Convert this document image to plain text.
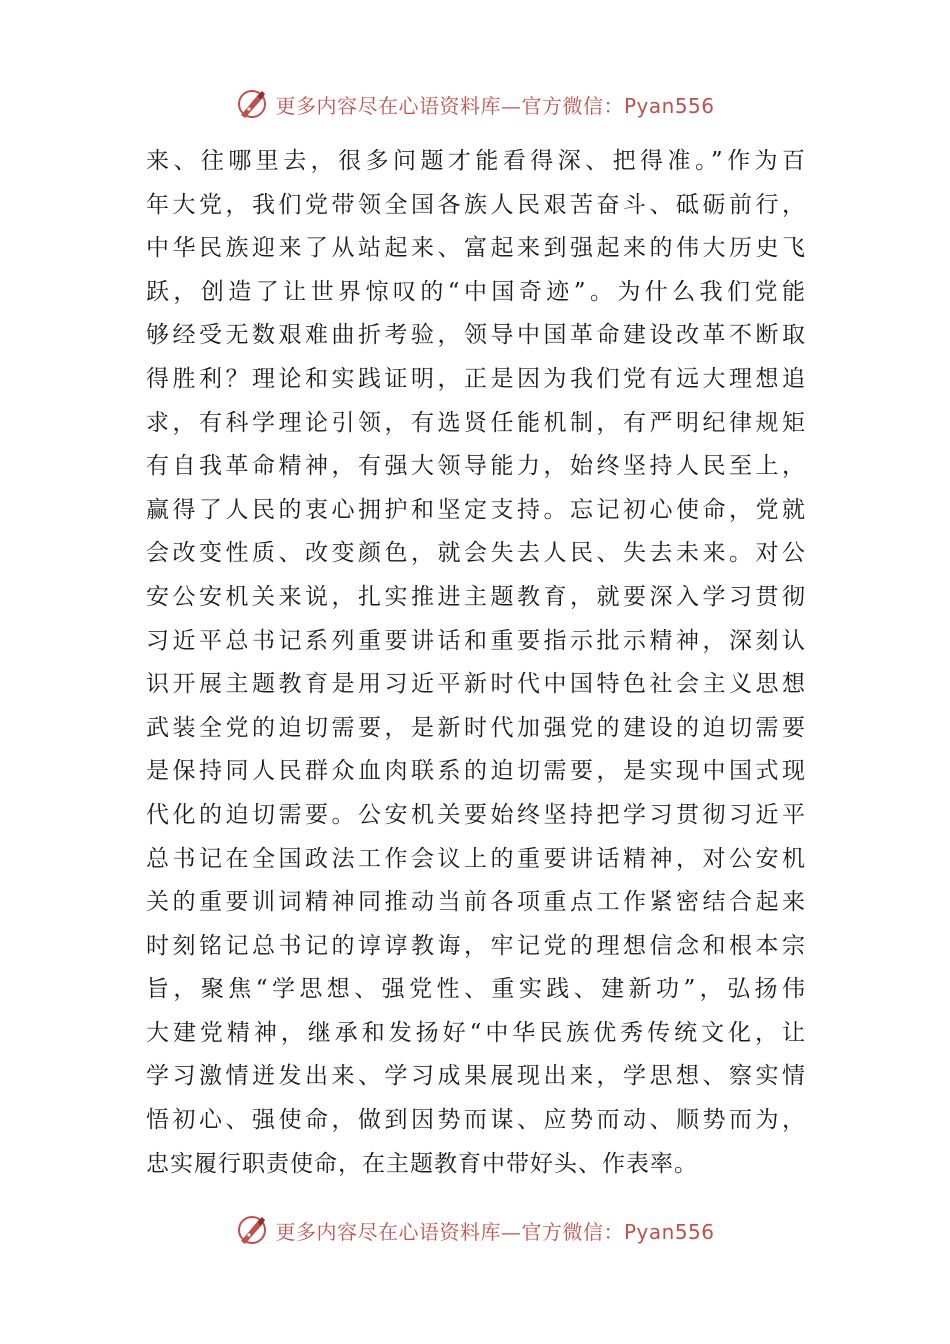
更多内容尽在心语资料库—官方微信：Pyan556
来、往哪里去，很多问题才能看得深、把得准。”作为百
年大党，我们党带领全国各族人民艰苦奋斗、砥砺前行，
中华民族迎来了从站起来、富起来到强起来的伟大历史飞
跃，创造了让世界惊叹的“中国奇迹”。为什么我们党能
够经受无数艰难曲折考验，领导中国革命建设改革不断取
得胜利？理论和实践证明，正是因为我们党有远大理想追
求，有科学理论引领，有选贤任能机制，有严明纪律规矩
有自我革命精神，有强大领导能力，始终坚持人民至上，
赢得了人民的衷心拥护和坚定支持。忘记初心使命，党就
会改变性质、改变颜色，就会失去人民、失去未来。对公
安公安机关来说，扎实推进主题教育，就要深入学习贯彻
习近平总书记系列重要讲话和重要指示批示精神，深刻认
识开展主题教育是用习近平新时代中国特色社会主义思想
武装全党的迫切需要，是新时代加强党的建设的迫切需要
是保持同人民群众血肉联系的迫切需要，是实现中国式现
代化的迫切需要。公安机关要始终坚持把学习贯彻习近平
总书记在全国政法工作会议上的重要讲话精神，对公安机
关的重要训词精神同推动当前各项重点工作紧密结合起来
时刻铭记总书记的谆谆教诲，牢记党的理想信念和根本宗
旨，聚焦“学思想、强党性、重实践、建新功”，弘扬伟
大建党精神，继承和发扬好“中华民族优秀传统文化，让
学习激情迸发出来、学习成果展现出来，学思想、察实情
悟初心、强使命，做到因势而谋、应势而动、顺势而为，
忠实履行职责使命，在主题教育中带好头、作表率。
更多内容尽在心语资料库—官方微信：Pyan556
